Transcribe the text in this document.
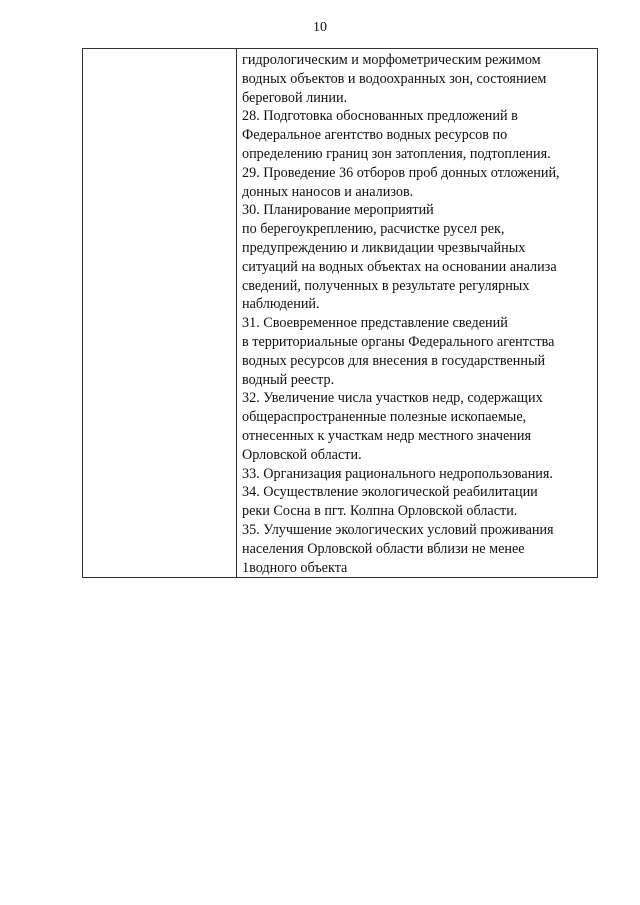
10

гидрологическим и морфометрическим режимом
водных объектов и водоохранных зон, состоянием
береговой линии.
28. Подготовка обоснованных предложений в
Федеральное агентство водных ресурсов по
определению границ зон затопления, подтопления.
29. Проведение 36 отборов проб донных отложений,
донных наносов и анализов.
30. Планирование мероприятий
по берегоукреплению, расчистке русел рек,
предупреждению и ликвидации чрезвычайных
ситуаций на водных объектах на основании анализа
сведений, полученных в результате регулярных
наблюдений.
31. Своевременное представление сведений
в территориальные органы Федерального агентства
водных ресурсов для внесения в государственный
водный реестр.
32. Увеличение числа участков недр, содержащих
общераспространенные полезные ископаемые,
отнесенных к участкам недр местного значения
Орловской области.
33. Организация рационального недропользования.
34. Осуществление экологической реабилитации
реки Сосна в пгт. Колпна Орловской области.
35. Улучшение экологических условий проживания
населения Орловской области вблизи не менее
1водного объекта
